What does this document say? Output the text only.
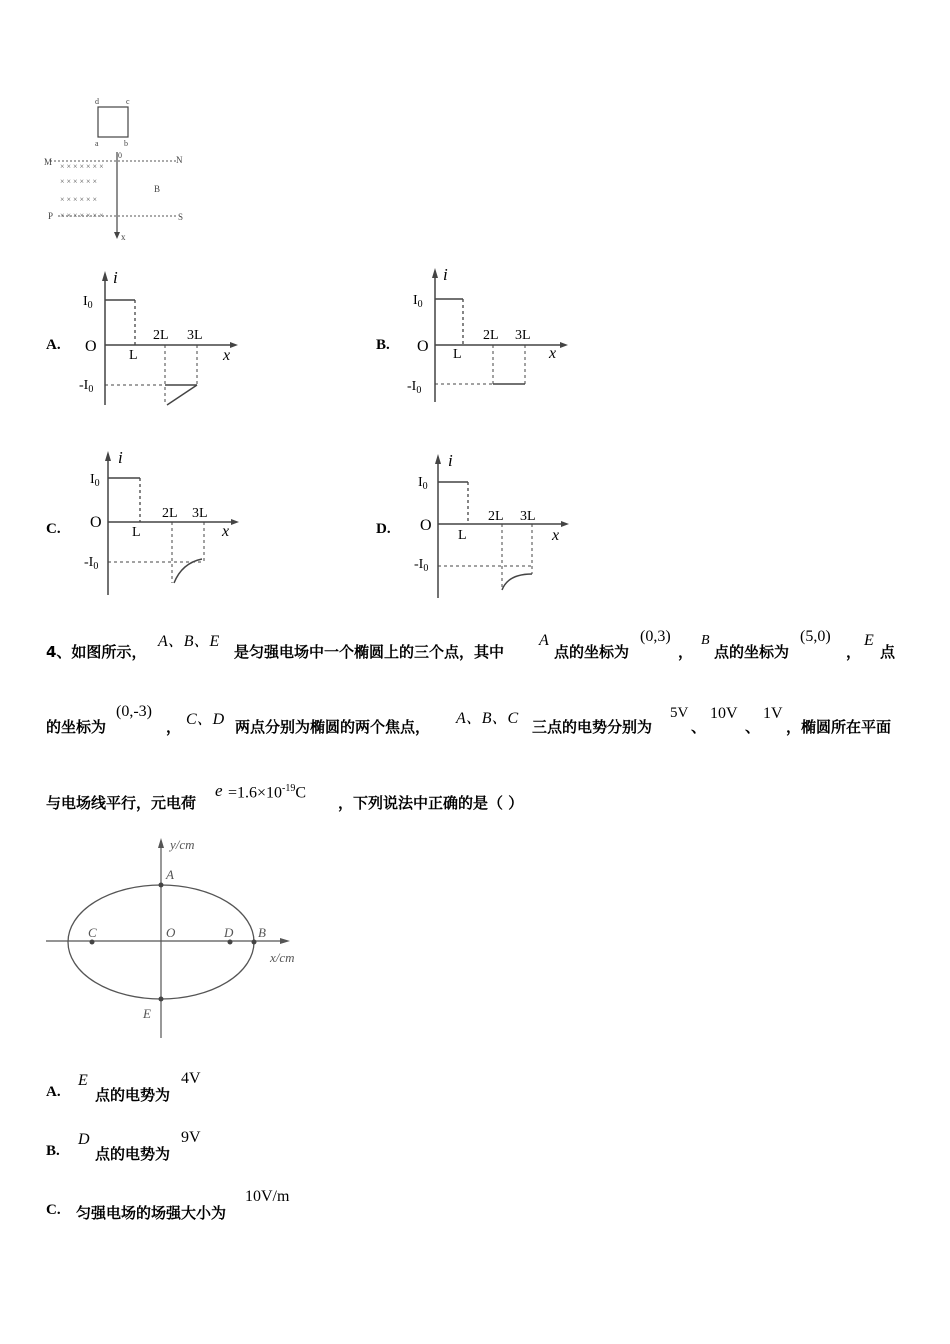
d	c
a	b
0
M	N
P	S
x
B
× × × × × × ×
× × × × × ×
× × × × × ×
× × × × × × ×
A.
i
x
O
$I_0$
$-I_0$
L
2L 3L
B.
i
x
O
$I_0$
$-I_0$
L
2L 3L
C.
i
x
O
$I_0$
$-I_0$
L
2L 3L
D.
i
x
O
$I_0$
$-I_0$
L
2L 3L
4、如图所示，
A、B、E
是匀强电场中一个椭圆上的三个点，其中
A
点的坐标为
(0,3)
，
B
点的坐标为
(5,0)
，
E
点
的坐标为
(0,-3)
， C、D 两点分别为椭圆的两个焦点， A、B、C 三点的电势分别为
5V
、
10V
、
1V
，椭圆所在平面
与电场线平行，元电荷
$e =1.6\times 10^{-19}C$
，下列说法中正确的是（ ）
y/cm
x/cm
A
B
C	D
E
O
A.
E
点的电势为
4V
B.
D
点的电势为
9V
C. 匀强电场的场强大小为
10V/m
